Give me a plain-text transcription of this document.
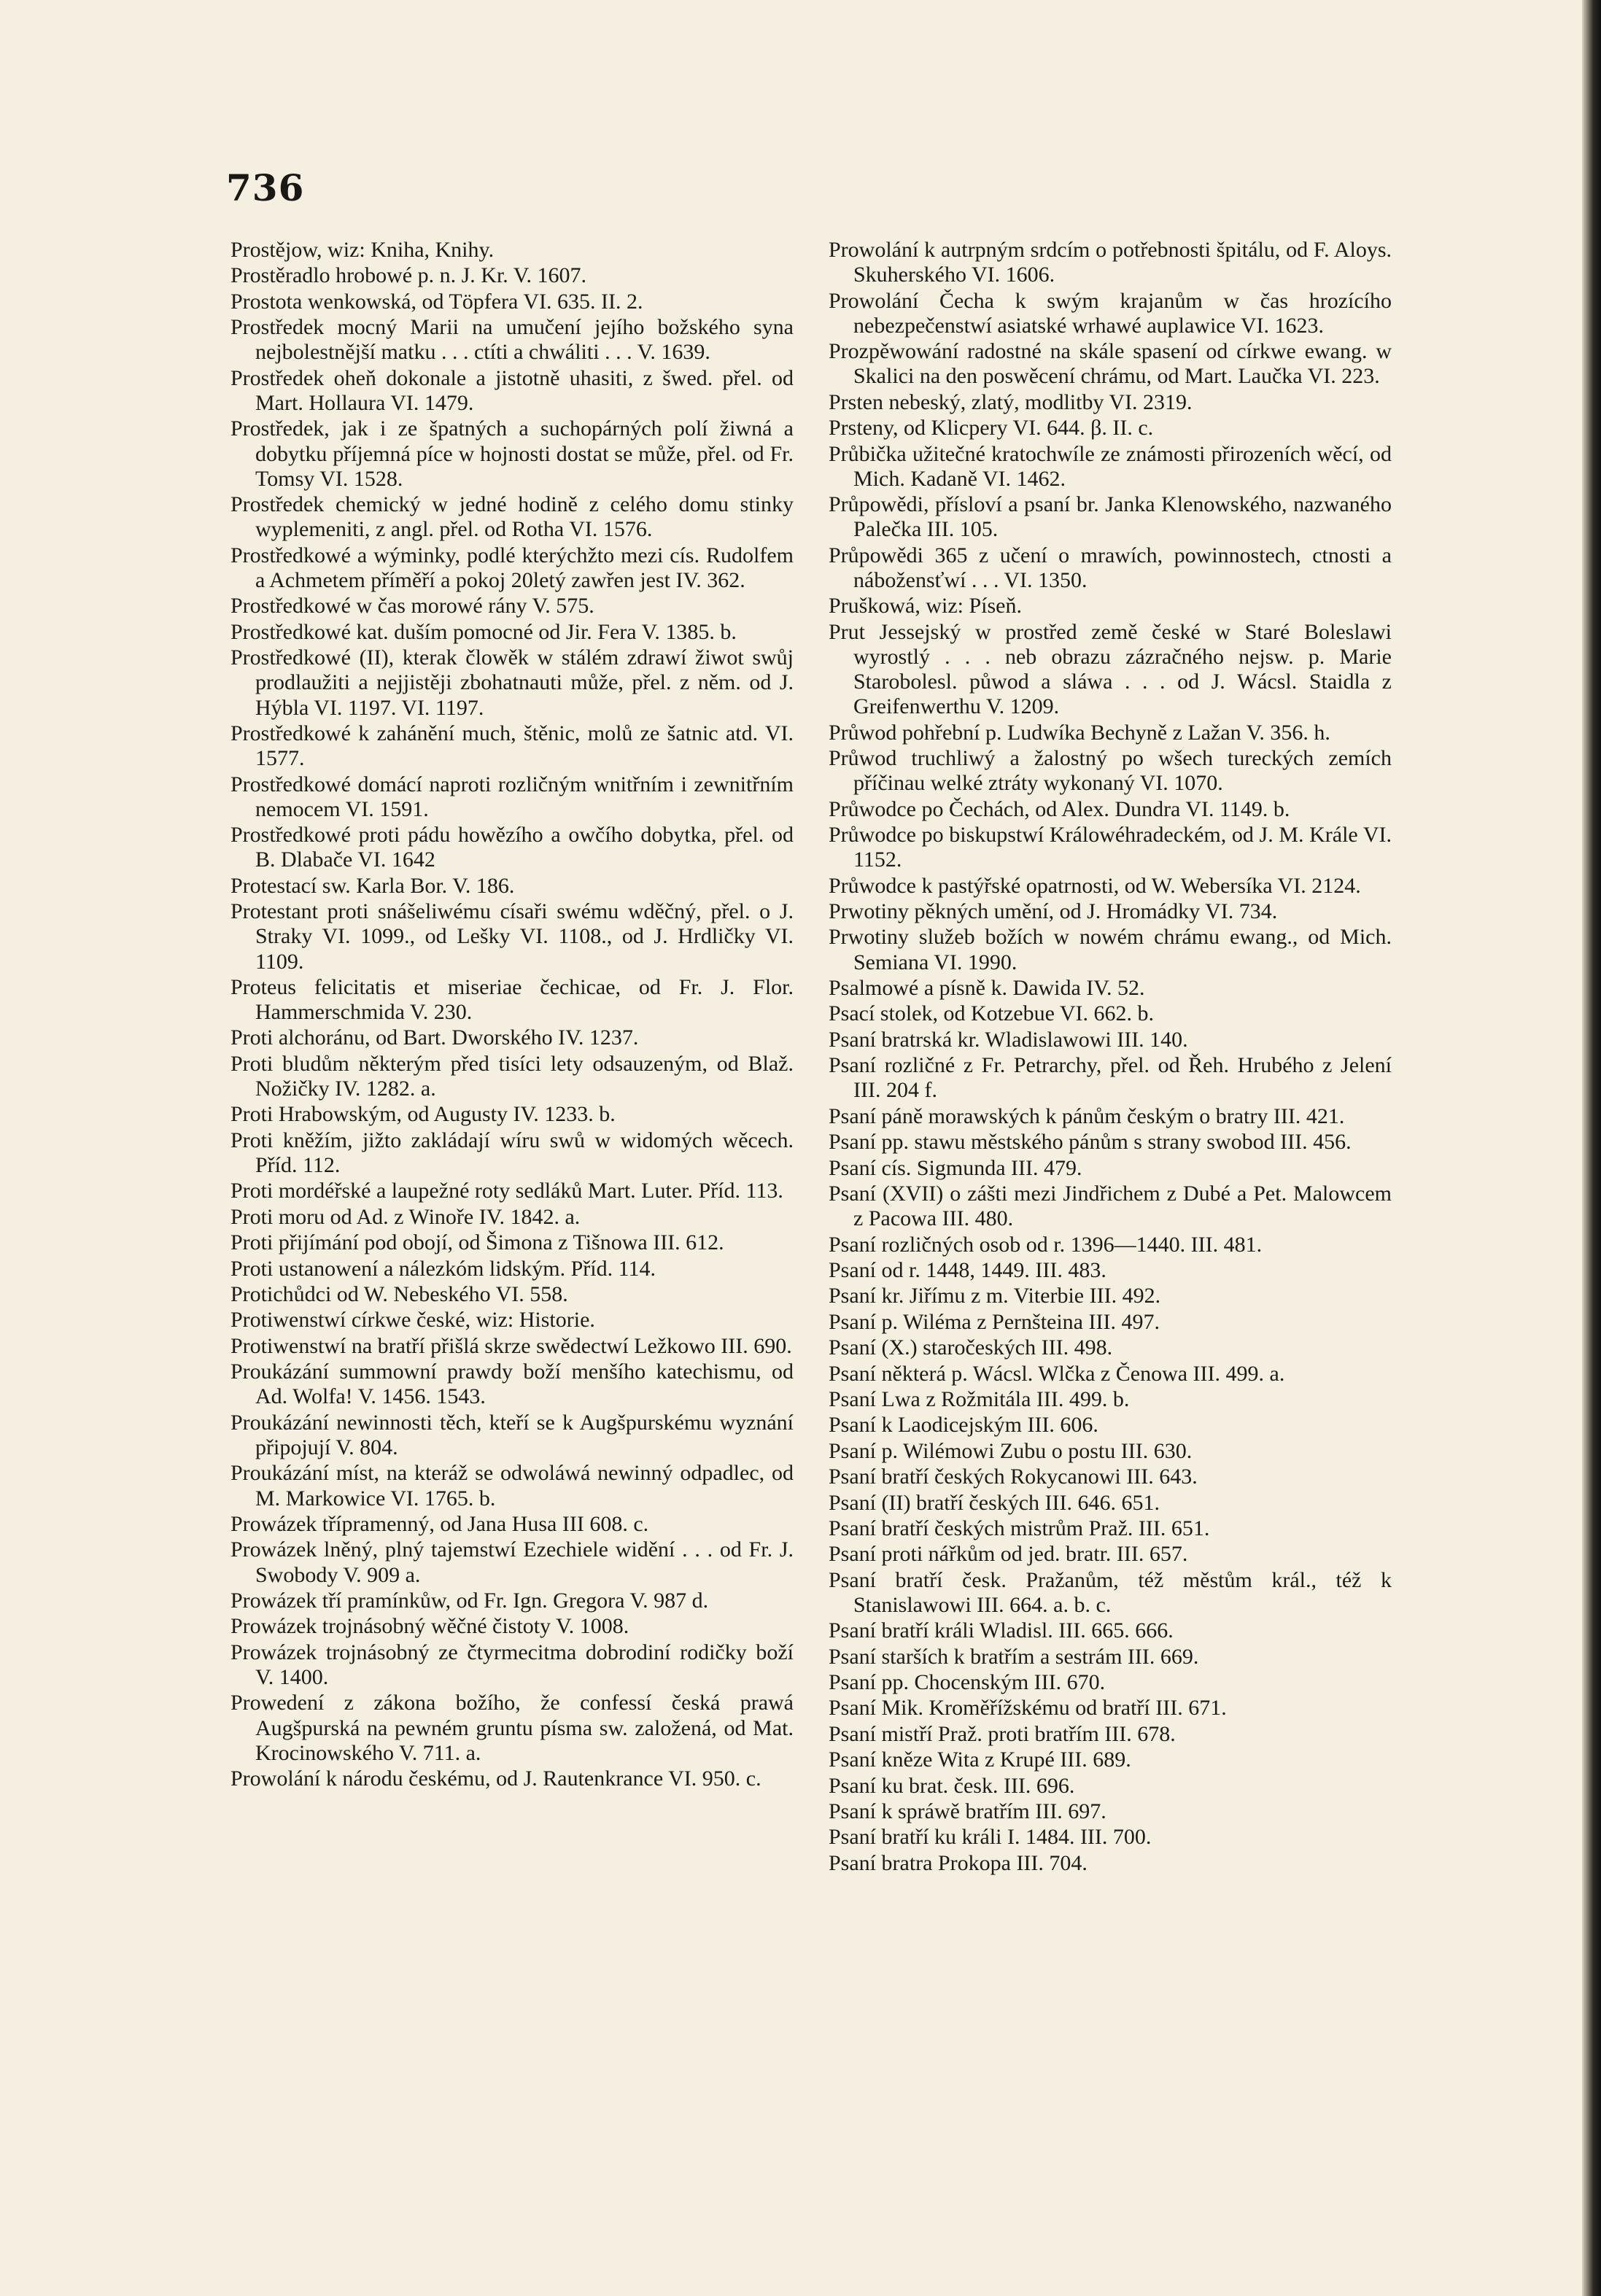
736

Prostějow, wiz: Kniha, Knihy.

Prostěradlo hrobowé p. n. J. Kr. V. 1607.

Prostota wenkowská, od Töpfera VI. 635. II. 2.

Prostředek mocný Marii na umučení jejího božského syna nejbolestnější matku . . . ctíti a chwáliti . . . V. 1639.

Prostředek oheň dokonale a jistotně uhasiti, z šwed. přel. od Mart. Hollaura VI. 1479.

Prostředek, jak i ze špatných a suchopárných polí žiwná a dobytku příjemná píce w hojnosti dostat se může, přel. od Fr. Tomsy VI. 1528.

Prostředek chemický w jedné hodině z celého domu stinky wyplemeniti, z angl. přel. od Rotha VI. 1576.

Prostředkowé a wýminky, podlé kterýchžto mezi cís. Rudolfem a Achmetem příměří a pokoj 20letý zawřen jest IV. 362.

Prostředkowé w čas morowé rány V. 575.

Prostředkowé kat. duším pomocné od Jir. Fera V. 1385. b.

Prostředkowé (II), kterak člowěk w stálém zdrawí žiwot swůj prodlaužiti a nejjistěji zbohatnauti může, přel. z něm. od J. Hýbla VI. 1197. VI. 1197.

Prostředkowé k zahánění much, štěnic, molů ze šatnic atd. VI. 1577.

Prostředkowé domácí naproti rozličným wnitřním i zewnitřním nemocem VI. 1591.

Prostředkowé proti pádu howězího a owčího dobytka, přel. od B. Dlabače VI. 1642

Protestací sw. Karla Bor. V. 186.

Protestant proti snášeliwému císaři swému wděčný, přel. o J. Straky VI. 1099., od Lešky VI. 1108., od J. Hrdličky VI. 1109.

Proteus felicitatis et miseriae čechicae, od Fr. J. Flor. Hammerschmida V. 230.

Proti alchoránu, od Bart. Dworského IV. 1237.

Proti bludům některým před tisíci lety odsauzeným, od Blaž. Nožičky IV. 1282. a.

Proti Hrabowským, od Augusty IV. 1233. b.

Proti kněžím, jižto zakládají wíru swů w widomých wěcech. Příd. 112.

Proti mordéřské a laupežné roty sedláků Mart. Luter. Příd. 113.

Proti moru od Ad. z Winoře IV. 1842. a.

Proti přijímání pod obojí, od Šimona z Tišnowa III. 612.

Proti ustanowení a nálezkóm lidským. Příd. 114.

Protichůdci od W. Nebeského VI. 558.

Protiwenstwí církwe české, wiz: Historie.

Protiwenstwí na bratří přišlá skrze swědectwí Ležkowo III. 690.

Proukázání summowní prawdy boží menšího katechismu, od Ad. Wolfa! V. 1456. 1543.

Proukázání newinnosti těch, kteří se k Augšpurskému wyznání připojují V. 804.

Proukázání míst, na kteráž se odwoláwá newinný odpadlec, od M. Markowice VI. 1765. b.

Prowázek třípramenný, od Jana Husa III 608. c.

Prowázek lněný, plný tajemstwí Ezechiele widění . . . od Fr. J. Swobody V. 909 a.

Prowázek tří pramínkůw, od Fr. Ign. Gregora V. 987 d.

Prowázek trojnásobný wěčné čistoty V. 1008.

Prowázek trojnásobný ze čtyrmecitma dobrodiní rodičky boží V. 1400.

Prowedení z zákona božího, že confessí česká prawá Augšpurská na pewném gruntu písma sw. založená, od Mat. Krocinowského V. 711. a.

Prowolání k národu českému, od J. Rautenkrance VI. 950. c.

Prowolání k autrpným srdcím o potřebnosti špitálu, od F. Aloys. Skuherského VI. 1606.

Prowolání Čecha k swým krajanům w čas hrozícího nebezpečenstwí asiatské wrhawé auplawice VI. 1623.

Prozpěwowání radostné na skále spasení od církwe ewang. w Skalici na den poswěcení chrámu, od Mart. Laučka VI. 223.

Prsten nebeský, zlatý, modlitby VI. 2319.

Prsteny, od Klicpery VI. 644. β. II. c.

Průbička užitečné kratochwíle ze známosti přirozeních wěcí, od Mich. Kadaně VI. 1462.

Průpowědi, přísloví a psaní br. Janka Klenowského, nazwaného Palečka III. 105.

Průpowědi 365 z učení o mrawích, powinnostech, ctnosti a nábožensťwí . . . VI. 1350.

Pruškowá, wiz: Píseň.

Prut Jessejský w prostřed země české w Staré Boleslawi wyrostlý . . . neb obrazu zázračného nejsw. p. Marie Starobolesl. půwod a sláwa . . . od J. Wácsl. Staidla z Greifenwerthu V. 1209.

Průwod pohřební p. Ludwíka Bechyně z Lažan V. 356. h.

Průwod truchliwý a žalostný po wšech tureckých zemích příčinau welké ztráty wykonaný VI. 1070.

Průwodce po Čechách, od Alex. Dundra VI. 1149. b.

Průwodce po biskupstwí Králowéhradeckém, od J. M. Krále VI. 1152.

Průwodce k pastýřské opatrnosti, od W. Webersíka VI. 2124.

Prwotiny pěkných umění, od J. Hromádky VI. 734.

Prwotiny služeb božích w nowém chrámu ewang., od Mich. Semiana VI. 1990.

Psalmowé a písně k. Dawida IV. 52.

Psací stolek, od Kotzebue VI. 662. b.

Psaní bratrská kr. Wladislawowi III. 140.

Psaní rozličné z Fr. Petrarchy, přel. od Řeh. Hrubého z Jelení III. 204 f.

Psaní páně morawských k pánům českým o bratry III. 421.

Psaní pp. stawu městského pánům s strany swobod III. 456.

Psaní cís. Sigmunda III. 479.

Psaní (XVII) o zášti mezi Jindřichem z Dubé a Pet. Malowcem z Pacowa III. 480.

Psaní rozličných osob od r. 1396—1440. III. 481.

Psaní od r. 1448, 1449. III. 483.

Psaní kr. Jiřímu z m. Viterbie III. 492.

Psaní p. Wiléma z Pernšteina III. 497.

Psaní (X.) staročeských III. 498.

Psaní některá p. Wácsl. Wlčka z Čenowa III. 499. a.

Psaní Lwa z Rožmitála III. 499. b.

Psaní k Laodicejským III. 606.

Psaní p. Wilémowi Zubu o postu III. 630.

Psaní bratří českých Rokycanowi III. 643.

Psaní (II) bratří českých III. 646. 651.

Psaní bratří českých mistrům Praž. III. 651.

Psaní proti nářkům od jed. bratr. III. 657.

Psaní bratří česk. Pražanům, též městům král., též k Stanislawowi III. 664. a. b. c.

Psaní bratří králi Wladisl. III. 665. 666.

Psaní starších k bratřím a sestrám III. 669.

Psaní pp. Chocenským III. 670.

Psaní Mik. Kroměřížskému od bratří III. 671.

Psaní mistří Praž. proti bratřím III. 678.

Psaní kněze Wita z Krupé III. 689.

Psaní ku brat. česk. III. 696.

Psaní k spráwě bratřím III. 697.

Psaní bratří ku králi I. 1484. III. 700.

Psaní bratra Prokopa III. 704.
